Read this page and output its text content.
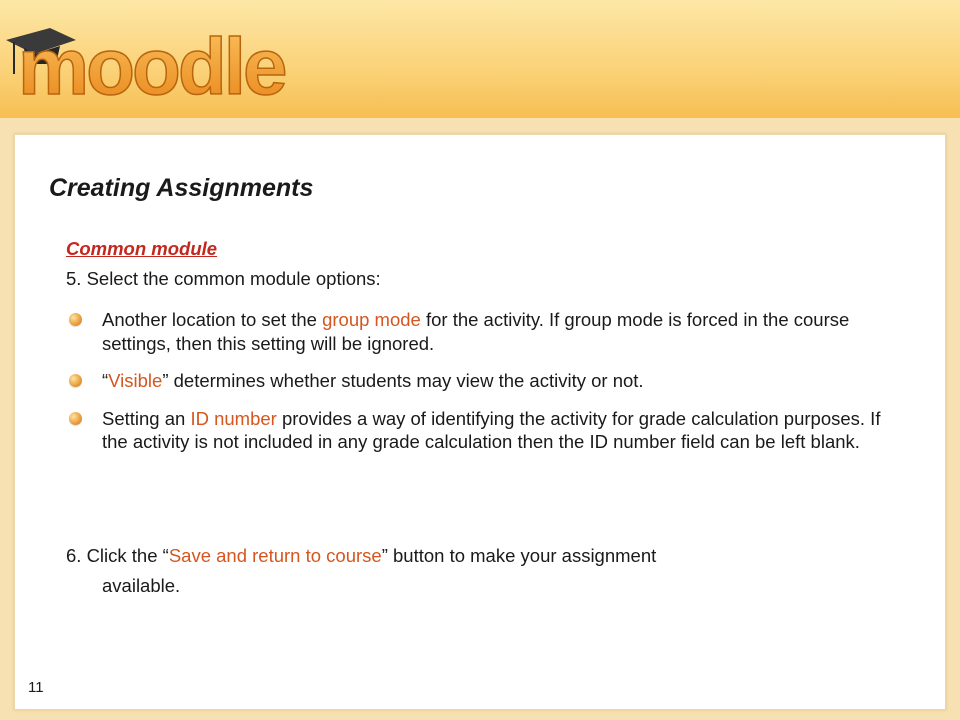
moodle
Creating Assignments
Common module
5. Select the common module options:
Another location to set the group mode for the activity. If group mode is forced in the course settings, then this setting will be ignored.
“Visible” determines whether students may view the activity or not.
Setting an ID number provides a way of identifying the activity for grade calculation purposes. If the activity is not included in any grade calculation then the ID number field can be left blank.
6. Click the “Save and return to course” button to make your assignment
available.
11
